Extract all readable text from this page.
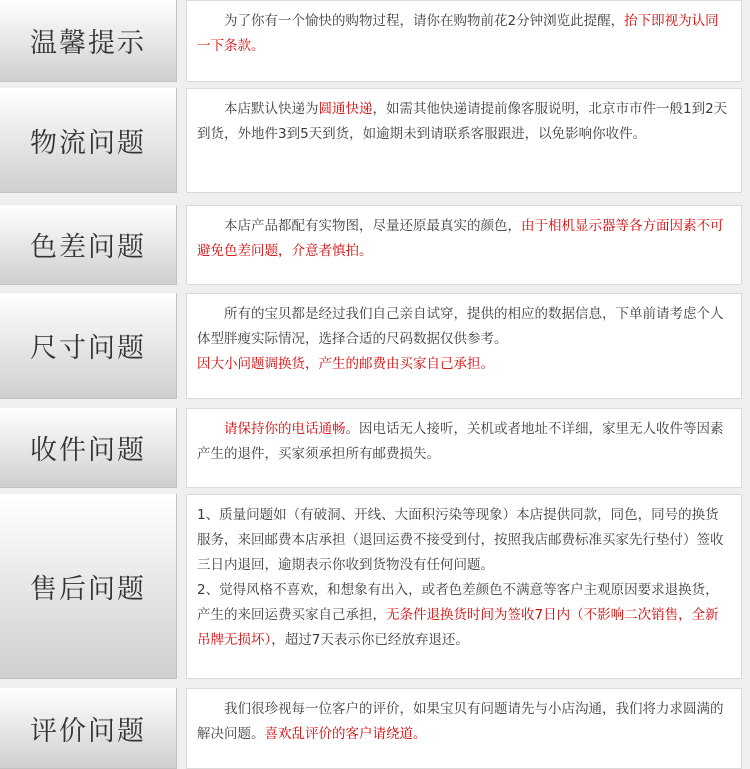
温馨提示

为了你有一个愉快的购物过程，请你在购物前花2分钟浏览此提醒，抬下即视为认同一下条款。

物流问题

本店默认快递为圆通快递，如需其他快递请提前像客服说明，北京市市件一般1到2天到货，外地件3到5天到货，如逾期未到请联系客服跟进，以免影响你收件。

色差问题

本店产品都配有实物图，尽量还原最真实的颜色，由于相机显示器等各方面因素不可避免色差问题，介意者慎拍。

尺寸问题

所有的宝贝都是经过我们自己亲自试穿，提供的相应的数据信息，下单前请考虑个人体型胖瘦实际情况，选择合适的尺码数据仅供参考。

因大小问题调换货，产生的邮费由买家自己承担。

收件问题

请保持你的电话通畅。因电话无人接听，关机或者地址不详细，家里无人收件等因素产生的退件，买家须承担所有邮费损失。

售后问题

1、质量问题如（有破洞、开线、大面积污染等现象）本店提供同款，同色，同号的换货服务，来回邮费本店承担（退回运费不接受到付，按照我店邮费标准买家先行垫付）签收三日内退回，逾期表示你收到货物没有任何问题。

2、觉得风格不喜欢，和想象有出入，或者色差颜色不满意等客户主观原因要求退换货，产生的来回运费买家自己承担，无条件退换货时间为签收7日内（不影响二次销售，全新吊牌无损坏），超过7天表示你已经放弃退还。

评价问题

我们很珍视每一位客户的评价，如果宝贝有问题请先与小店沟通，我们将力求圆满的解决问题。喜欢乱评价的客户请绕道。
